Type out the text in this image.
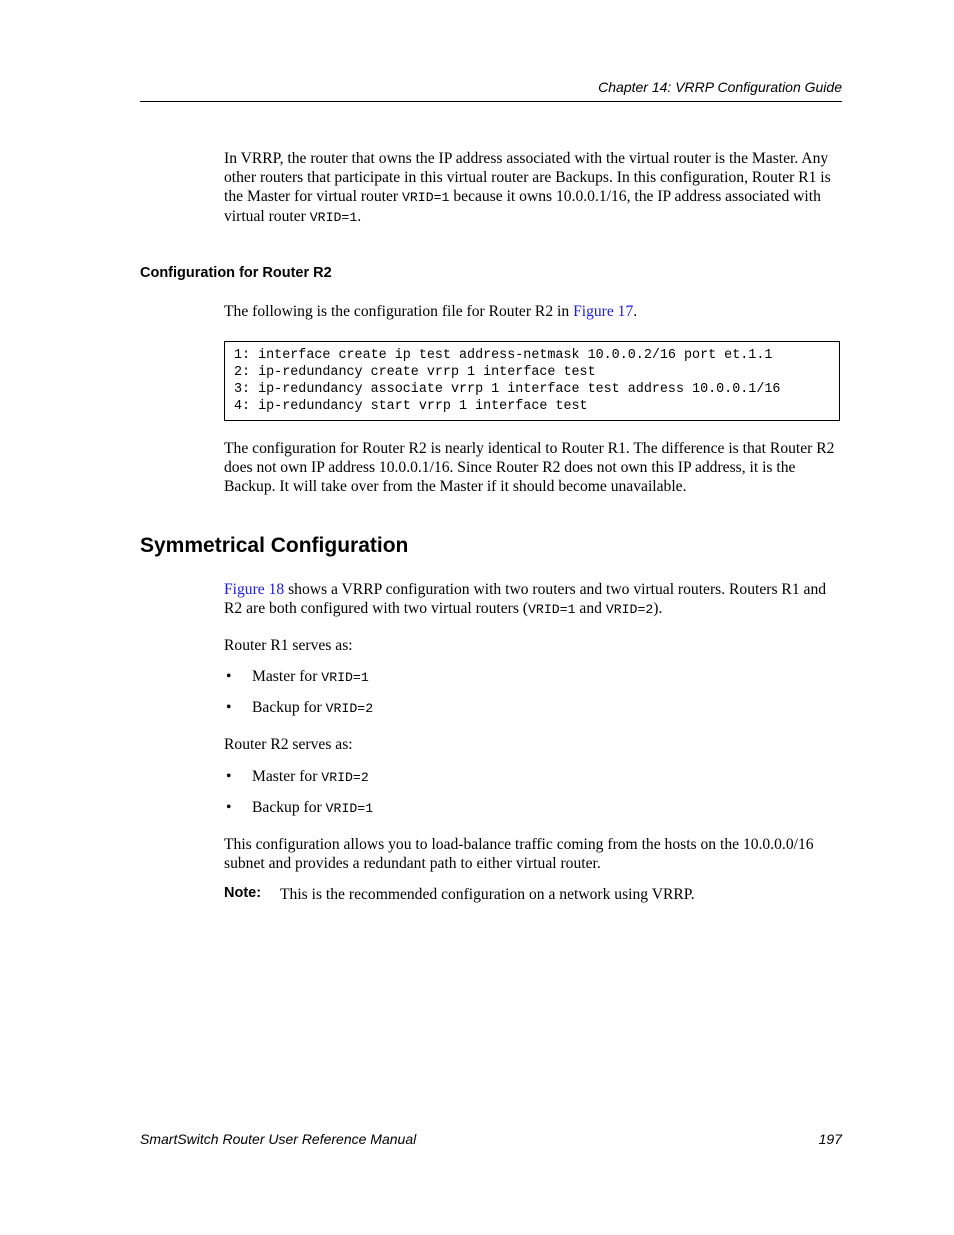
Chapter 14: VRRP Configuration Guide

In VRRP, the router that owns the IP address associated with the virtual router is the Master. Any other routers that participate in this virtual router are Backups. In this configuration, Router R1 is the Master for virtual router VRID=1 because it owns 10.0.0.1/16, the IP address associated with virtual router VRID=1.

Configuration for Router R2

The following is the configuration file for Router R2 in Figure 17.

1: interface create ip test address-netmask 10.0.0.2/16 port et.1.1
2: ip-redundancy create vrrp 1 interface test
3: ip-redundancy associate vrrp 1 interface test address 10.0.0.1/16
4: ip-redundancy start vrrp 1 interface test

The configuration for Router R2 is nearly identical to Router R1. The difference is that Router R2 does not own IP address 10.0.0.1/16. Since Router R2 does not own this IP address, it is the Backup. It will take over from the Master if it should become unavailable.

Symmetrical Configuration

Figure 18 shows a VRRP configuration with two routers and two virtual routers. Routers R1 and R2 are both configured with two virtual routers (VRID=1 and VRID=2).

Router R1 serves as:

• Master for VRID=1
• Backup for VRID=2

Router R2 serves as:

• Master for VRID=2
• Backup for VRID=1

This configuration allows you to load-balance traffic coming from the hosts on the 10.0.0.0/16 subnet and provides a redundant path to either virtual router.

Note: This is the recommended configuration on a network using VRRP.
SmartSwitch Router User Reference Manual	197
